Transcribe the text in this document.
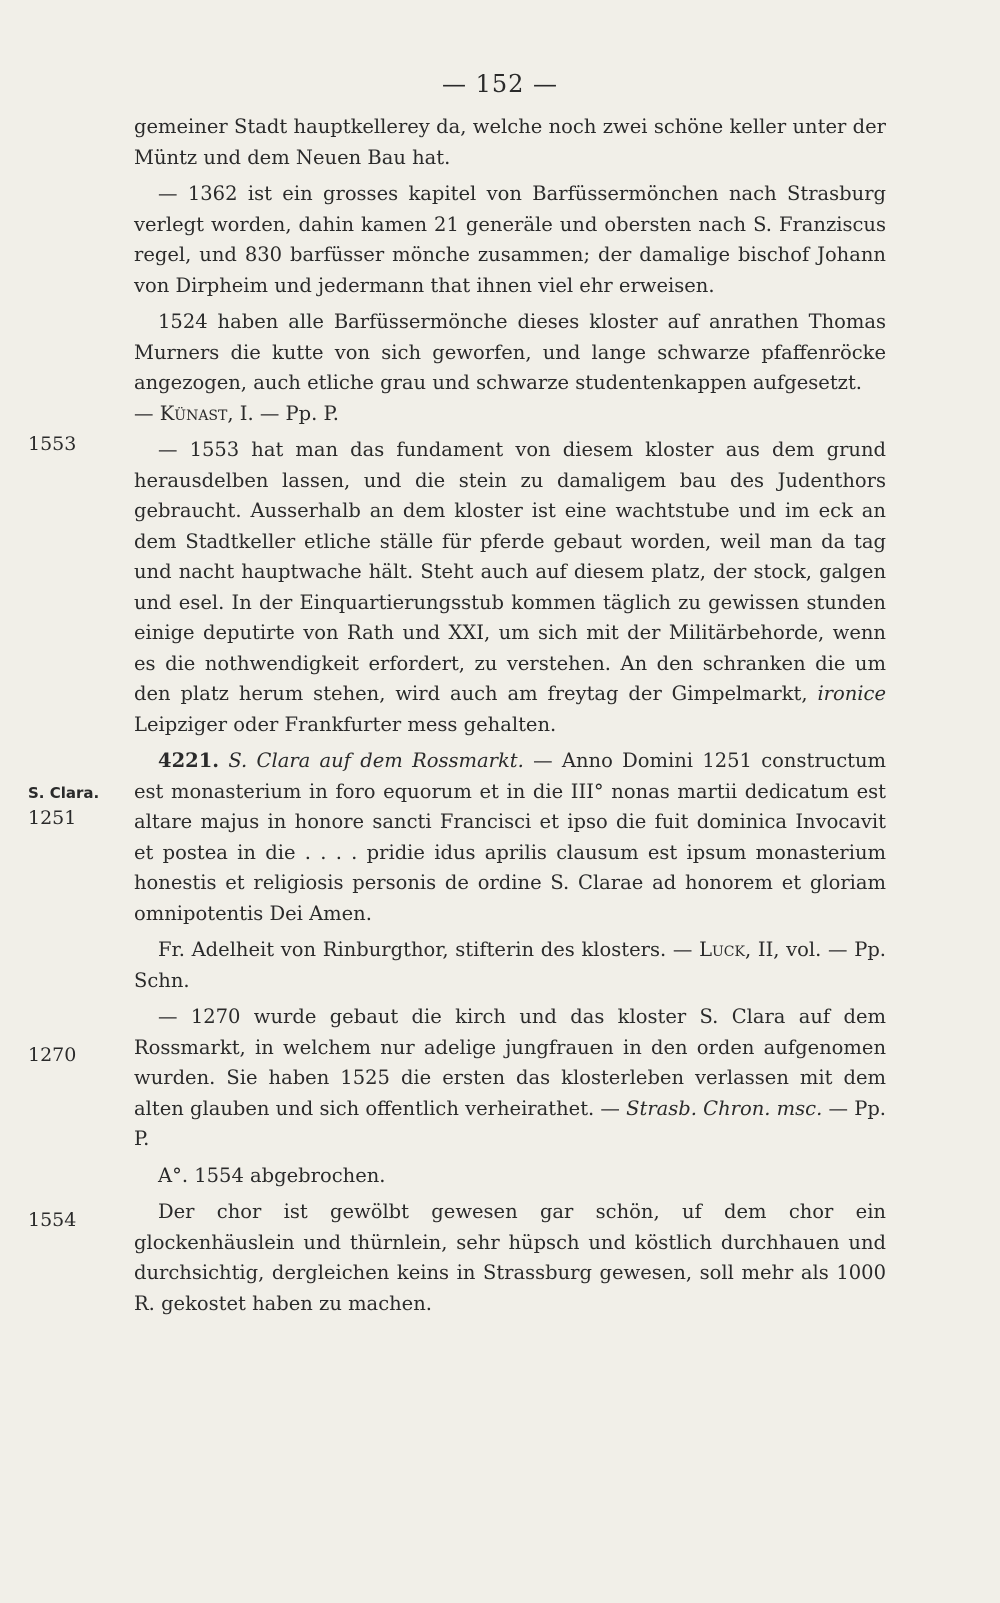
— 152 —
1553
S. Clara.
1251
1270
1554

gemeiner Stadt hauptkellerey da, welche noch zwei schöne keller unter der Müntz und dem Neuen Bau hat.

— 1362 ist ein grosses kapitel von Barfüssermönchen nach Strasburg verlegt worden, dahin kamen 21 generäle und obersten nach S. Franziscus regel, und 830 barfüsser mönche zusammen; der damalige bischof Johann von Dirpheim und jedermann that ihnen viel ehr erweisen.

1524 haben alle Barfüssermönche dieses kloster auf anrathen Thomas Murners die kutte von sich geworfen, und lange schwarze pfaffenröcke angezogen, auch etliche grau und schwarze studentenkappen aufgesetzt.

— Künast, I. — Pp. P.

— 1553 hat man das fundament von diesem kloster aus dem grund herausdelben lassen, und die stein zu damaligem bau des Judenthors gebraucht. Ausserhalb an dem kloster ist eine wachtstube und im eck an dem Stadtkeller etliche ställe für pferde gebaut worden, weil man da tag und nacht hauptwache hält. Steht auch auf diesem platz, der stock, galgen und esel. In der Einquartierungsstub kommen täglich zu gewissen stunden einige deputirte von Rath und XXI, um sich mit der Militärbehorde, wenn es die nothwendigkeit erfordert, zu verstehen. An den schranken die um den platz herum stehen, wird auch am freytag der Gimpelmarkt, ironice Leipziger oder Frankfurter mess gehalten.

4221. S. Clara auf dem Rossmarkt. — Anno Domini 1251 constructum est monasterium in foro equorum et in die III° nonas martii dedicatum est altare majus in honore sancti Francisci et ipso die fuit dominica Invocavit et postea in die . . . . pridie idus aprilis clausum est ipsum monasterium honestis et religiosis personis de ordine S. Clarae ad honorem et gloriam omnipotentis Dei Amen.

Fr. Adelheit von Rinburgthor, stifterin des klosters. — Luck, II, vol. — Pp. Schn.

— 1270 wurde gebaut die kirch und das kloster S. Clara auf dem Rossmarkt, in welchem nur adelige jungfrauen in den orden aufgenomen wurden. Sie haben 1525 die ersten das klosterleben verlassen mit dem alten glauben und sich offentlich verheirathet. — Strasb. Chron. msc. — Pp. P.

A°. 1554 abgebrochen.

Der chor ist gewölbt gewesen gar schön, uf dem chor ein glockenhäuslein und thürnlein, sehr hüpsch und köstlich durchhauen und durchsichtig, dergleichen keins in Strassburg gewesen, soll mehr als 1000 R. gekostet haben zu machen.
